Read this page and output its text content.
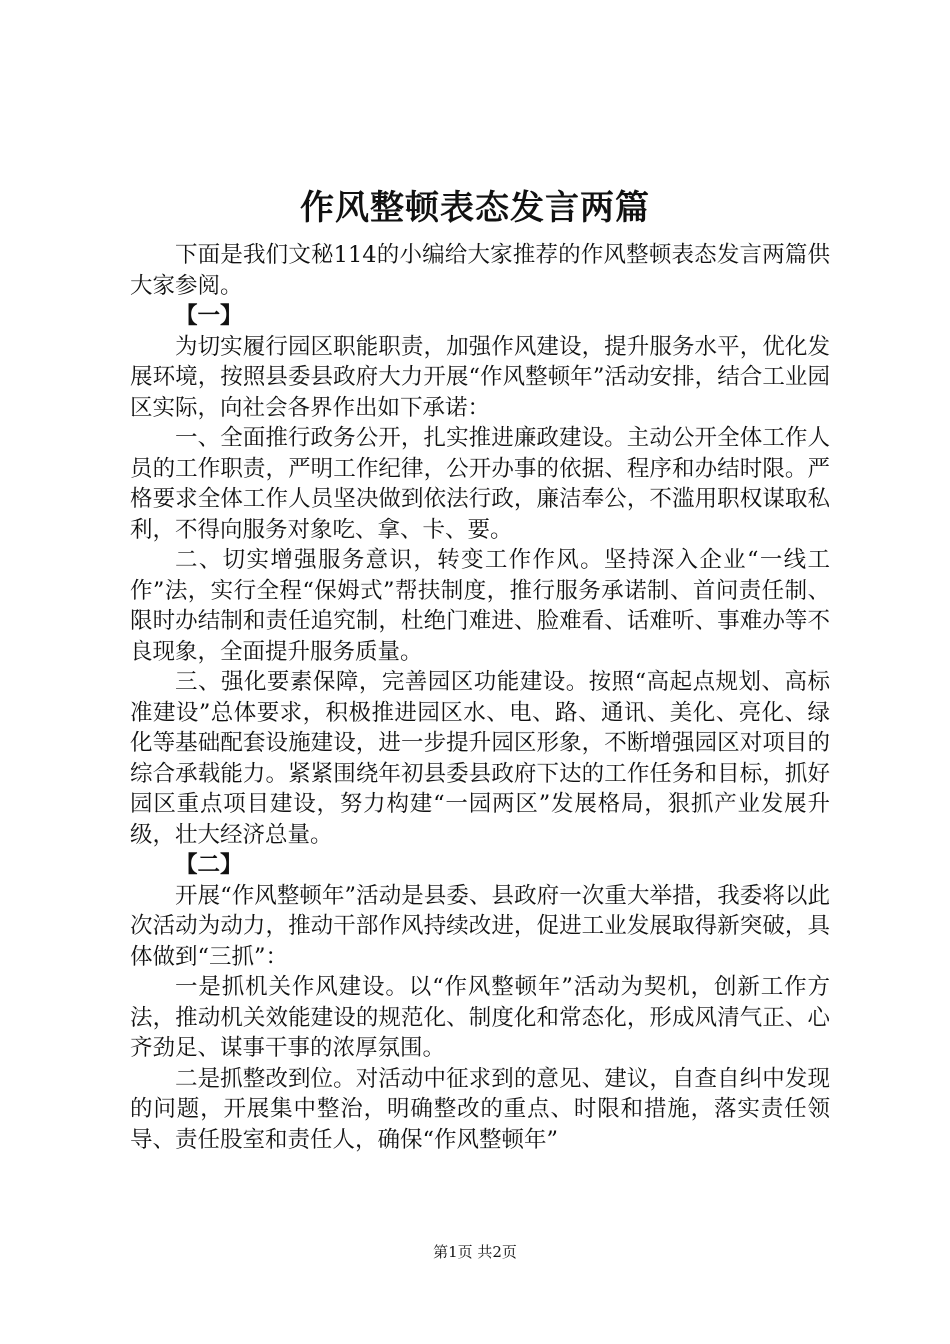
作风整顿表态发言两篇

下面是我们文秘114的小编给大家推荐的作风整顿表态发言两篇供大家参阅。

【一】

为切实履行园区职能职责，加强作风建设，提升服务水平，优化发展环境，按照县委县政府大力开展“作风整顿年”活动安排，结合工业园区实际，向社会各界作出如下承诺：

一、全面推行政务公开，扎实推进廉政建设。主动公开全体工作人员的工作职责，严明工作纪律，公开办事的依据、程序和办结时限。严格要求全体工作人员坚决做到依法行政，廉洁奉公，不滥用职权谋取私利，不得向服务对象吃、拿、卡、要。

二、切实增强服务意识，转变工作作风。坚持深入企业“一线工作”法，实行全程“保姆式”帮扶制度，推行服务承诺制、首问责任制、限时办结制和责任追究制，杜绝门难进、脸难看、话难听、事难办等不良现象，全面提升服务质量。

三、强化要素保障，完善园区功能建设。按照“高起点规划、高标准建设”总体要求，积极推进园区水、电、路、通讯、美化、亮化、绿化等基础配套设施建设，进一步提升园区形象，不断增强园区对项目的综合承载能力。紧紧围绕年初县委县政府下达的工作任务和目标，抓好园区重点项目建设，努力构建“一园两区”发展格局，狠抓产业发展升级，壮大经济总量。

【二】

开展“作风整顿年”活动是县委、县政府一次重大举措，我委将以此次活动为动力，推动干部作风持续改进，促进工业发展取得新突破，具体做到“三抓”：

一是抓机关作风建设。以“作风整顿年”活动为契机，创新工作方法，推动机关效能建设的规范化、制度化和常态化，形成风清气正、心齐劲足、谋事干事的浓厚氛围。

二是抓整改到位。对活动中征求到的意见、建议，自查自纠中发现的问题，开展集中整治，明确整改的重点、时限和措施，落实责任领导、责任股室和责任人，确保“作风整顿年”

第1页 共2页
